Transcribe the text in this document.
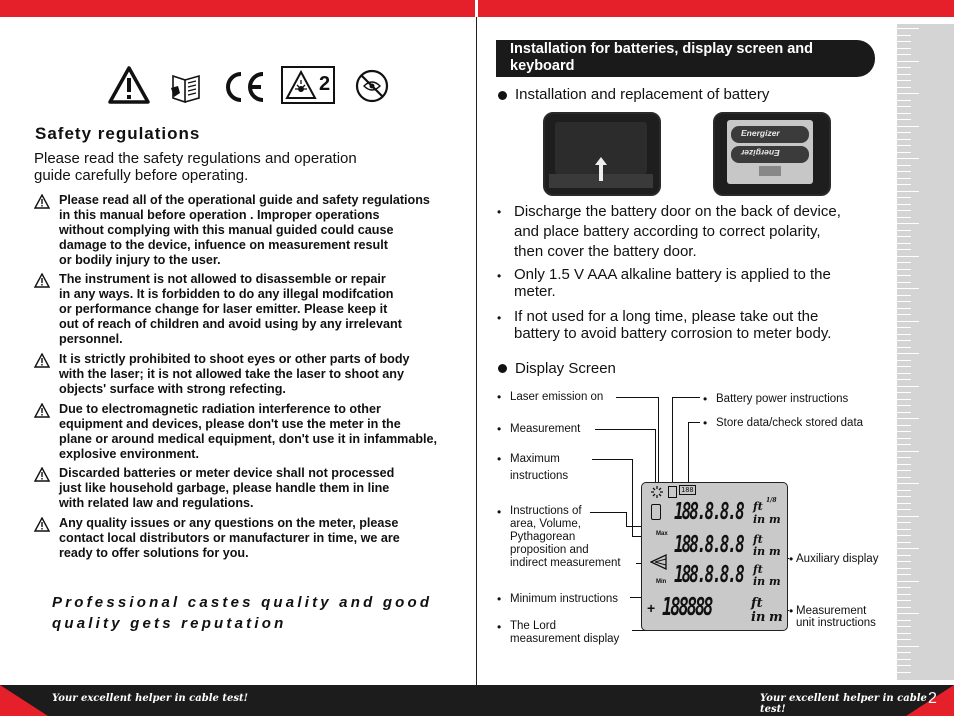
Your excellent helper in cable test!	Your excellent helper in cable test!
2
2
Safety regulations
Please read the safety regulations and operation
guide carefully before operating.
Please read all of the operational guide and safety regulations
in this manual before operation . Improper operations
without complying with this manual guided could cause
damage to the device, infuence on measurement result
or bodily injury to the user.
The instrument is not allowed to disassemble or repair
in any ways. It is forbidden to do any illegal modifcation
or performance change for laser emitter. Please keep it
out of reach of children and avoid using by any irrelevant
personnel.
It is strictly prohibited to shoot eyes or other parts of body
with the laser; it is not allowed take the laser to shoot any
objects' surface with strong refecting.
Due to electromagnetic radiation interference to other
equipment and devices, please don't use the meter in the
plane or around medical equipment, don't use it in infammable,
explosive environment.
Discarded batteries or meter device shall not processed
just like household garbage, please handle them in line
with related law and regulations.
Any quality issues or any questions on the meter, please
contact local distributors or manufacturer in time, we are
ready to offer solutions for you.
Professional castes quality and good
quality gets reputation
Installation for batteries, display screen and
keyboard
Installation and replacement of battery
Energizer
Energizer
• Discharge the battery door on the back of device,
and place battery according to correct polarity,
then cover the battery door.
• Only 1.5 V AAA alkaline battery is applied to the
meter.
• If not used for a long time, please take out the
battery to avoid battery corrosion to meter body.
Display Screen
• Laser emission on
• Measurement
• Maximum
instructions
• Instructions of
area, Volume,
Pythagorean
proposition and
indirect measurement
• Minimum instructions
• The Lord
measurement display
• Battery power instructions
• Store data/check stored data
• Auxiliary display
• Measurement
unit instructions
188
Max
Min
+
188.8.8.8
188.8.8.8
188.8.8.8
188888
ft
in m
1/8
ft
in m
ft
in m
ft
in m
